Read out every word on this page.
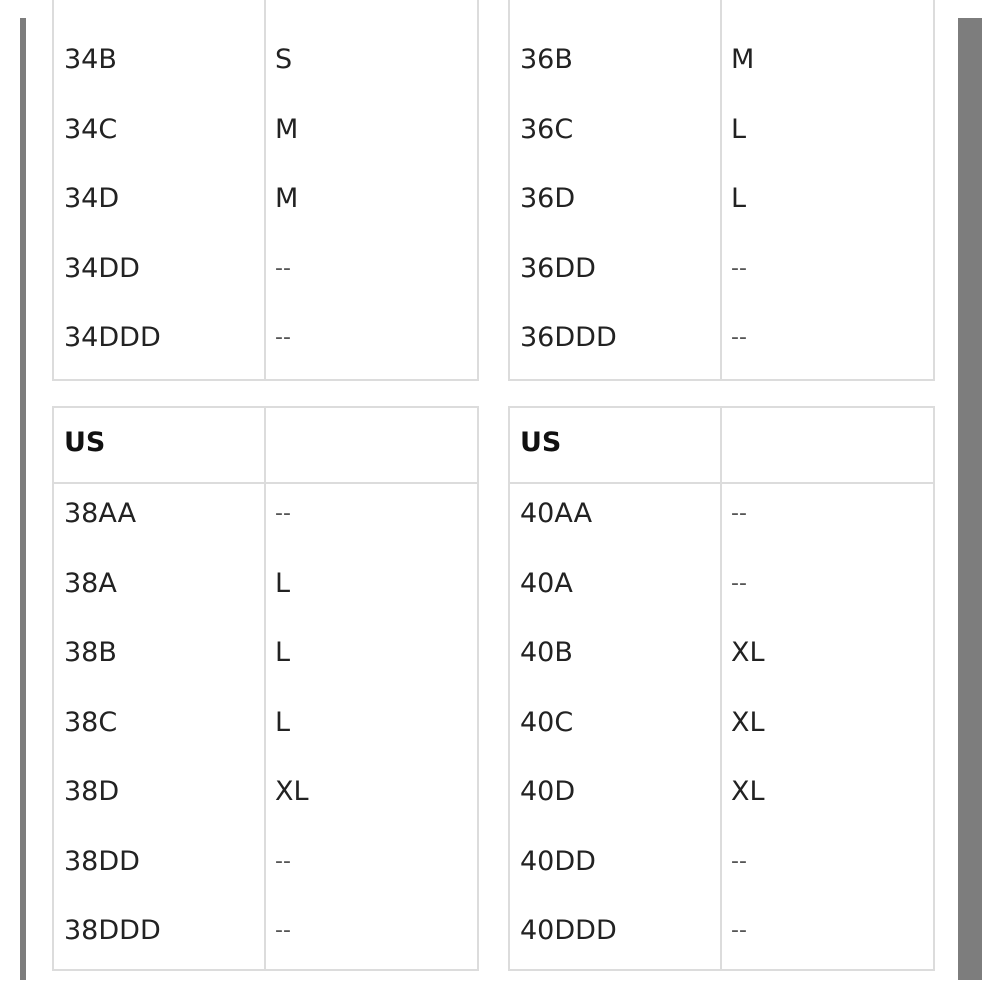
34B	S
34C	M
34D	M
34DD	--
34DDD	--
36B	M
36C	L
36D	L
36DD	--
36DDD	--
US
38AA	--
38A	L
38B	L
38C	L
38D	XL
38DD	--
38DDD	--
US
40AA	--
40A	--
40B	XL
40C	XL
40D	XL
40DD	--
40DDD	--
